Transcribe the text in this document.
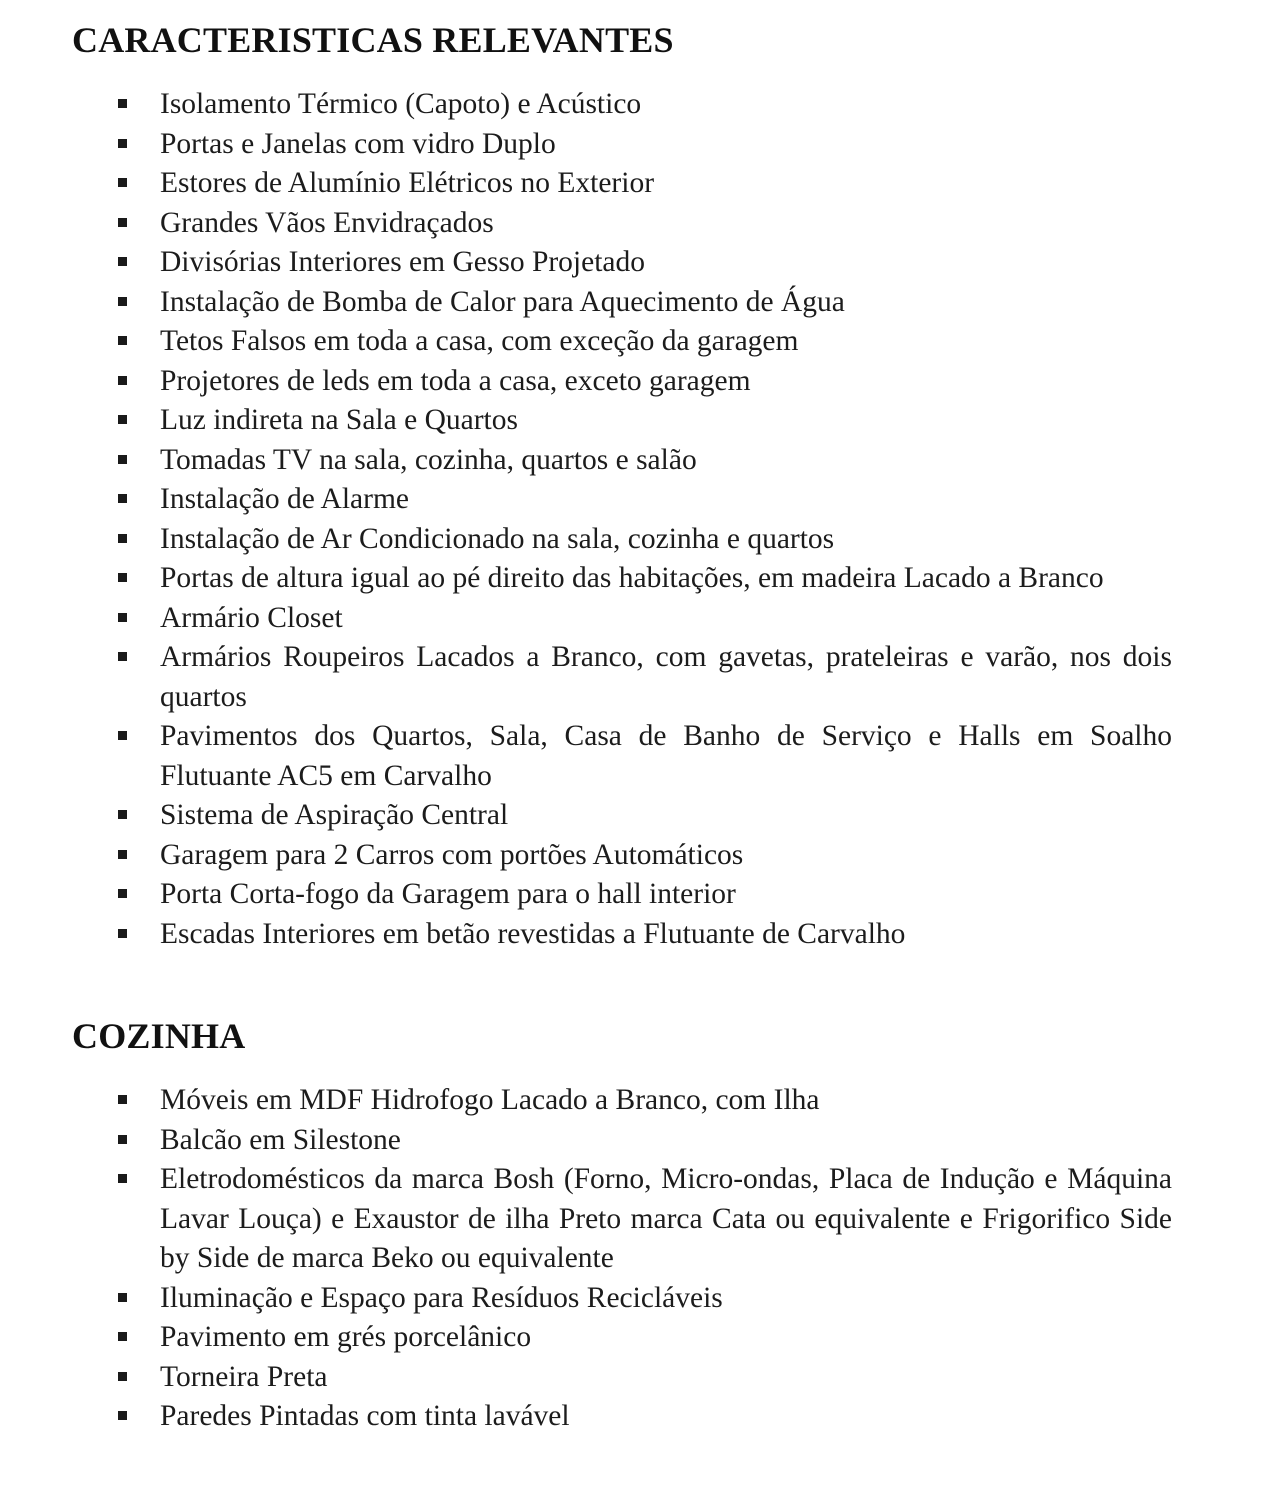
CARACTERISTICAS RELEVANTES
Isolamento Térmico (Capoto) e Acústico
Portas e Janelas com vidro Duplo
Estores de Alumínio Elétricos no Exterior
Grandes Vãos Envidraçados
Divisórias Interiores em Gesso Projetado
Instalação de Bomba de Calor para Aquecimento de Água
Tetos Falsos em toda a casa, com exceção da garagem
Projetores de leds em toda a casa, exceto garagem
Luz indireta na Sala e Quartos
Tomadas TV na sala, cozinha, quartos e salão
Instalação de Alarme
Instalação de Ar Condicionado na sala, cozinha e quartos
Portas de altura igual ao pé direito das habitações, em madeira Lacado a Branco
Armário Closet
Armários Roupeiros Lacados a Branco, com gavetas, prateleiras e varão, nos dois quartos
Pavimentos dos Quartos, Sala, Casa de Banho de Serviço e Halls em Soalho Flutuante AC5 em Carvalho
Sistema de Aspiração Central
Garagem para 2 Carros com portões Automáticos
Porta Corta-fogo da Garagem para o hall interior
Escadas Interiores em betão revestidas a Flutuante de Carvalho
COZINHA
Móveis em MDF Hidrofogo Lacado a Branco, com Ilha
Balcão em Silestone
Eletrodomésticos da marca Bosh (Forno, Micro-ondas, Placa de Indução e Máquina Lavar Louça) e Exaustor de ilha Preto marca Cata ou equivalente e Frigorifico Side by Side de marca Beko ou equivalente
Iluminação e Espaço para Resíduos Recicláveis
Pavimento em grés porcelânico
Torneira Preta
Paredes Pintadas com tinta lavável
